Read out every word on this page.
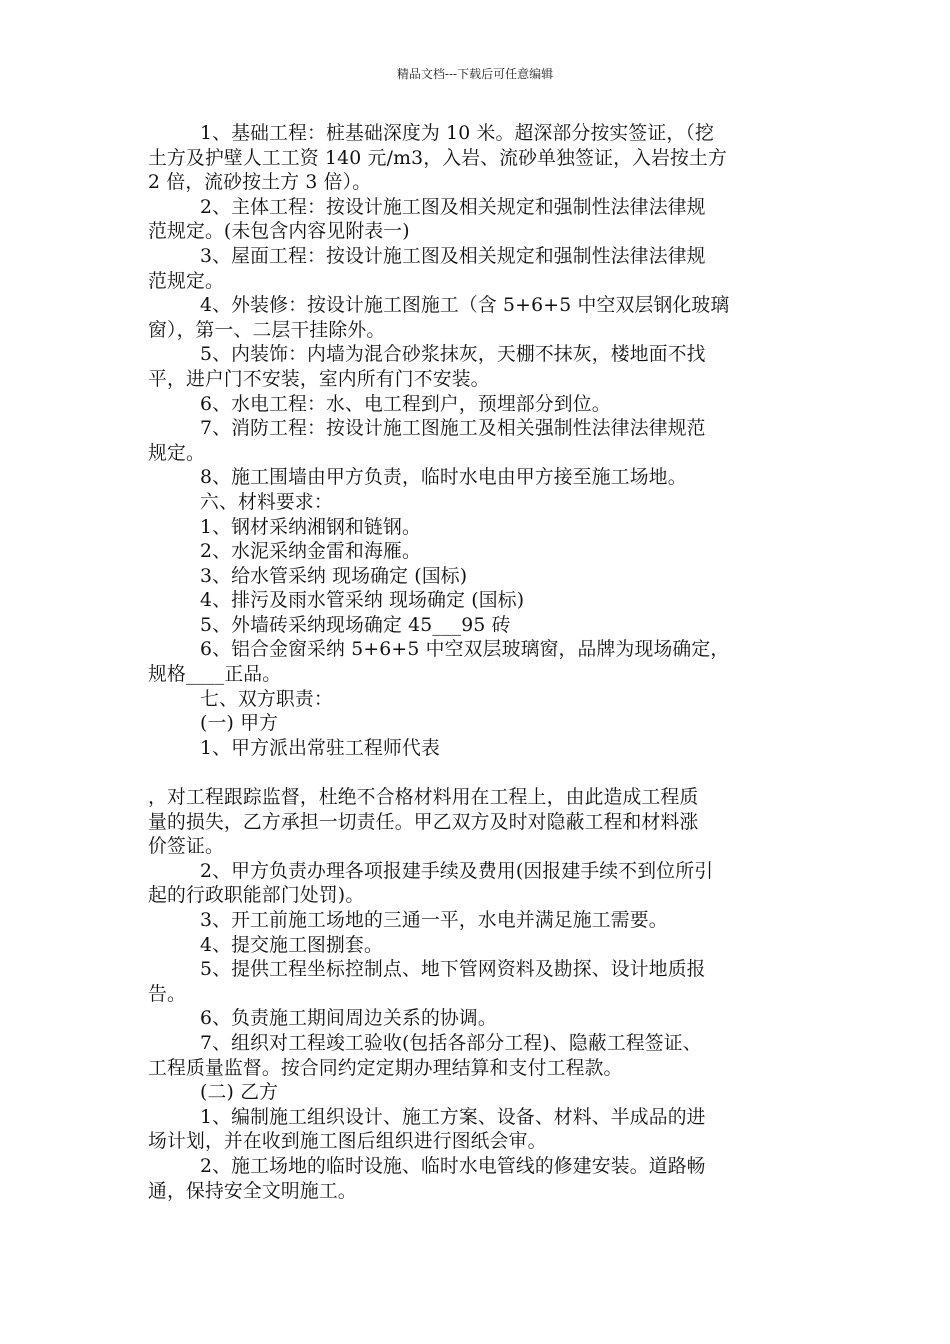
精品文档---下载后可任意编辑
1、基础工程：桩基础深度为 10 米。超深部分按实签证，（挖
土方及护壁人工工资 140 元/m3，入岩、流砂单独签证，入岩按土方
2 倍，流砂按土方 3 倍）。
2、主体工程：按设计施工图及相关规定和强制性法律法律规
范规定。(未包含内容见附表一)
3、屋面工程：按设计施工图及相关规定和强制性法律法律规
范规定。
4、外装修：按设计施工图施工（含 5+6+5 中空双层钢化玻璃
窗），第一、二层干挂除外。
5、内装饰：内墙为混合砂浆抹灰，天棚不抹灰，楼地面不找
平，进户门不安装，室内所有门不安装。
6、水电工程：水、电工程到户，预埋部分到位。
7、消防工程：按设计施工图施工及相关强制性法律法律规范
规定。
8、施工围墙由甲方负责，临时水电由甲方接至施工场地。
六、材料要求：
1、钢材采纳湘钢和链钢。
2、水泥采纳金雷和海雁。
3、给水管采纳 现场确定 (国标)
4、排污及雨水管采纳 现场确定 (国标)
5、外墙砖采纳现场确定 45___95 砖
6、铝合金窗采纳 5+6+5 中空双层玻璃窗，品牌为现场确定，
规格____正品。
七、双方职责：
(一) 甲方
1、甲方派出常驻工程师代表
，对工程跟踪监督，杜绝不合格材料用在工程上，由此造成工程质
量的损失，乙方承担一切责任。甲乙双方及时对隐蔽工程和材料涨
价签证。
2、甲方负责办理各项报建手续及费用(因报建手续不到位所引
起的行政职能部门处罚)。
3、开工前施工场地的三通一平，水电并满足施工需要。
4、提交施工图捌套。
5、提供工程坐标控制点、地下管网资料及勘探、设计地质报
告。
6、负责施工期间周边关系的协调。
7、组织对工程竣工验收(包括各部分工程)、隐蔽工程签证、
工程质量监督。按合同约定定期办理结算和支付工程款。
(二) 乙方
1、编制施工组织设计、施工方案、设备、材料、半成品的进
场计划，并在收到施工图后组织进行图纸会审。
2、施工场地的临时设施、临时水电管线的修建安装。道路畅
通，保持安全文明施工。
